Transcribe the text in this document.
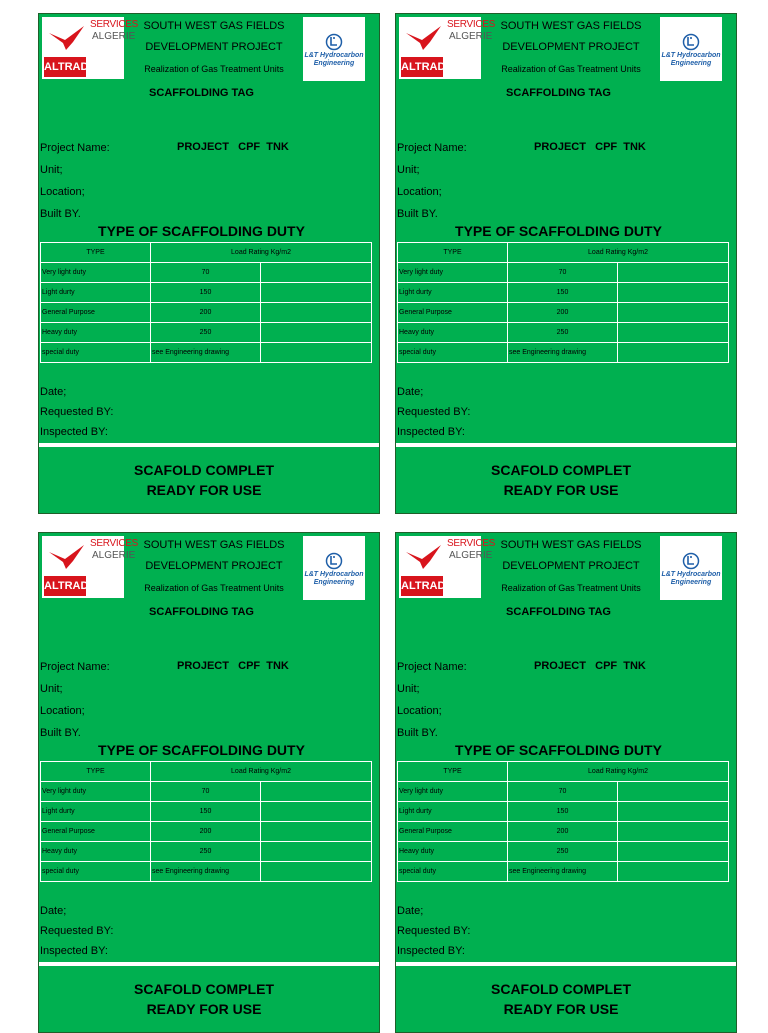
SERVICES
ALGERIE
ALTRAD
SOUTH WEST GAS FIELDS
DEVELOPMENT PROJECT
Realization of Gas Treatment Units
L&T Hydrocarbon
Engineering
SCAFFOLDING TAG
Project Name:	PROJECT   CPF  TNK
Unit;
Location;
Built BY.
TYPE OF SCAFFOLDING DUTY
TYPE	Load Rating Kg/m2	
Very light duty	70	
Light durty	150	
General Purpose	200	
Heavy duty	250	
special duty	see Engineering drawing	
Date;
Requested BY:
Inspected BY:
SCAFOLD COMPLET
READY FOR USE
SERVICES
ALGERIE
ALTRAD
SOUTH WEST GAS FIELDS
DEVELOPMENT PROJECT
Realization of Gas Treatment Units
L&T Hydrocarbon
Engineering
SCAFFOLDING TAG
Project Name:	PROJECT   CPF  TNK
Unit;
Location;
Built BY.
TYPE OF SCAFFOLDING DUTY
TYPE	Load Rating Kg/m2	
Very light duty	70	
Light durty	150	
General Purpose	200	
Heavy duty	250	
special duty	see Engineering drawing	
Date;
Requested BY:
Inspected BY:
SCAFOLD COMPLET
READY FOR USE
SERVICES
ALGERIE
ALTRAD
SOUTH WEST GAS FIELDS
DEVELOPMENT PROJECT
Realization of Gas Treatment Units
L&T Hydrocarbon
Engineering
SCAFFOLDING TAG
Project Name:	PROJECT   CPF  TNK
Unit;
Location;
Built BY.
TYPE OF SCAFFOLDING DUTY
TYPE	Load Rating Kg/m2	
Very light duty	70	
Light durty	150	
General Purpose	200	
Heavy duty	250	
special duty	see Engineering drawing	
Date;
Requested BY:
Inspected BY:
SCAFOLD COMPLET
READY FOR USE
SERVICES
ALGERIE
ALTRAD
SOUTH WEST GAS FIELDS
DEVELOPMENT PROJECT
Realization of Gas Treatment Units
L&T Hydrocarbon
Engineering
SCAFFOLDING TAG
Project Name:	PROJECT   CPF  TNK
Unit;
Location;
Built BY.
TYPE OF SCAFFOLDING DUTY
TYPE	Load Rating Kg/m2	
Very light duty	70	
Light durty	150	
General Purpose	200	
Heavy duty	250	
special duty	see Engineering drawing	
Date;
Requested BY:
Inspected BY:
SCAFOLD COMPLET
READY FOR USE
